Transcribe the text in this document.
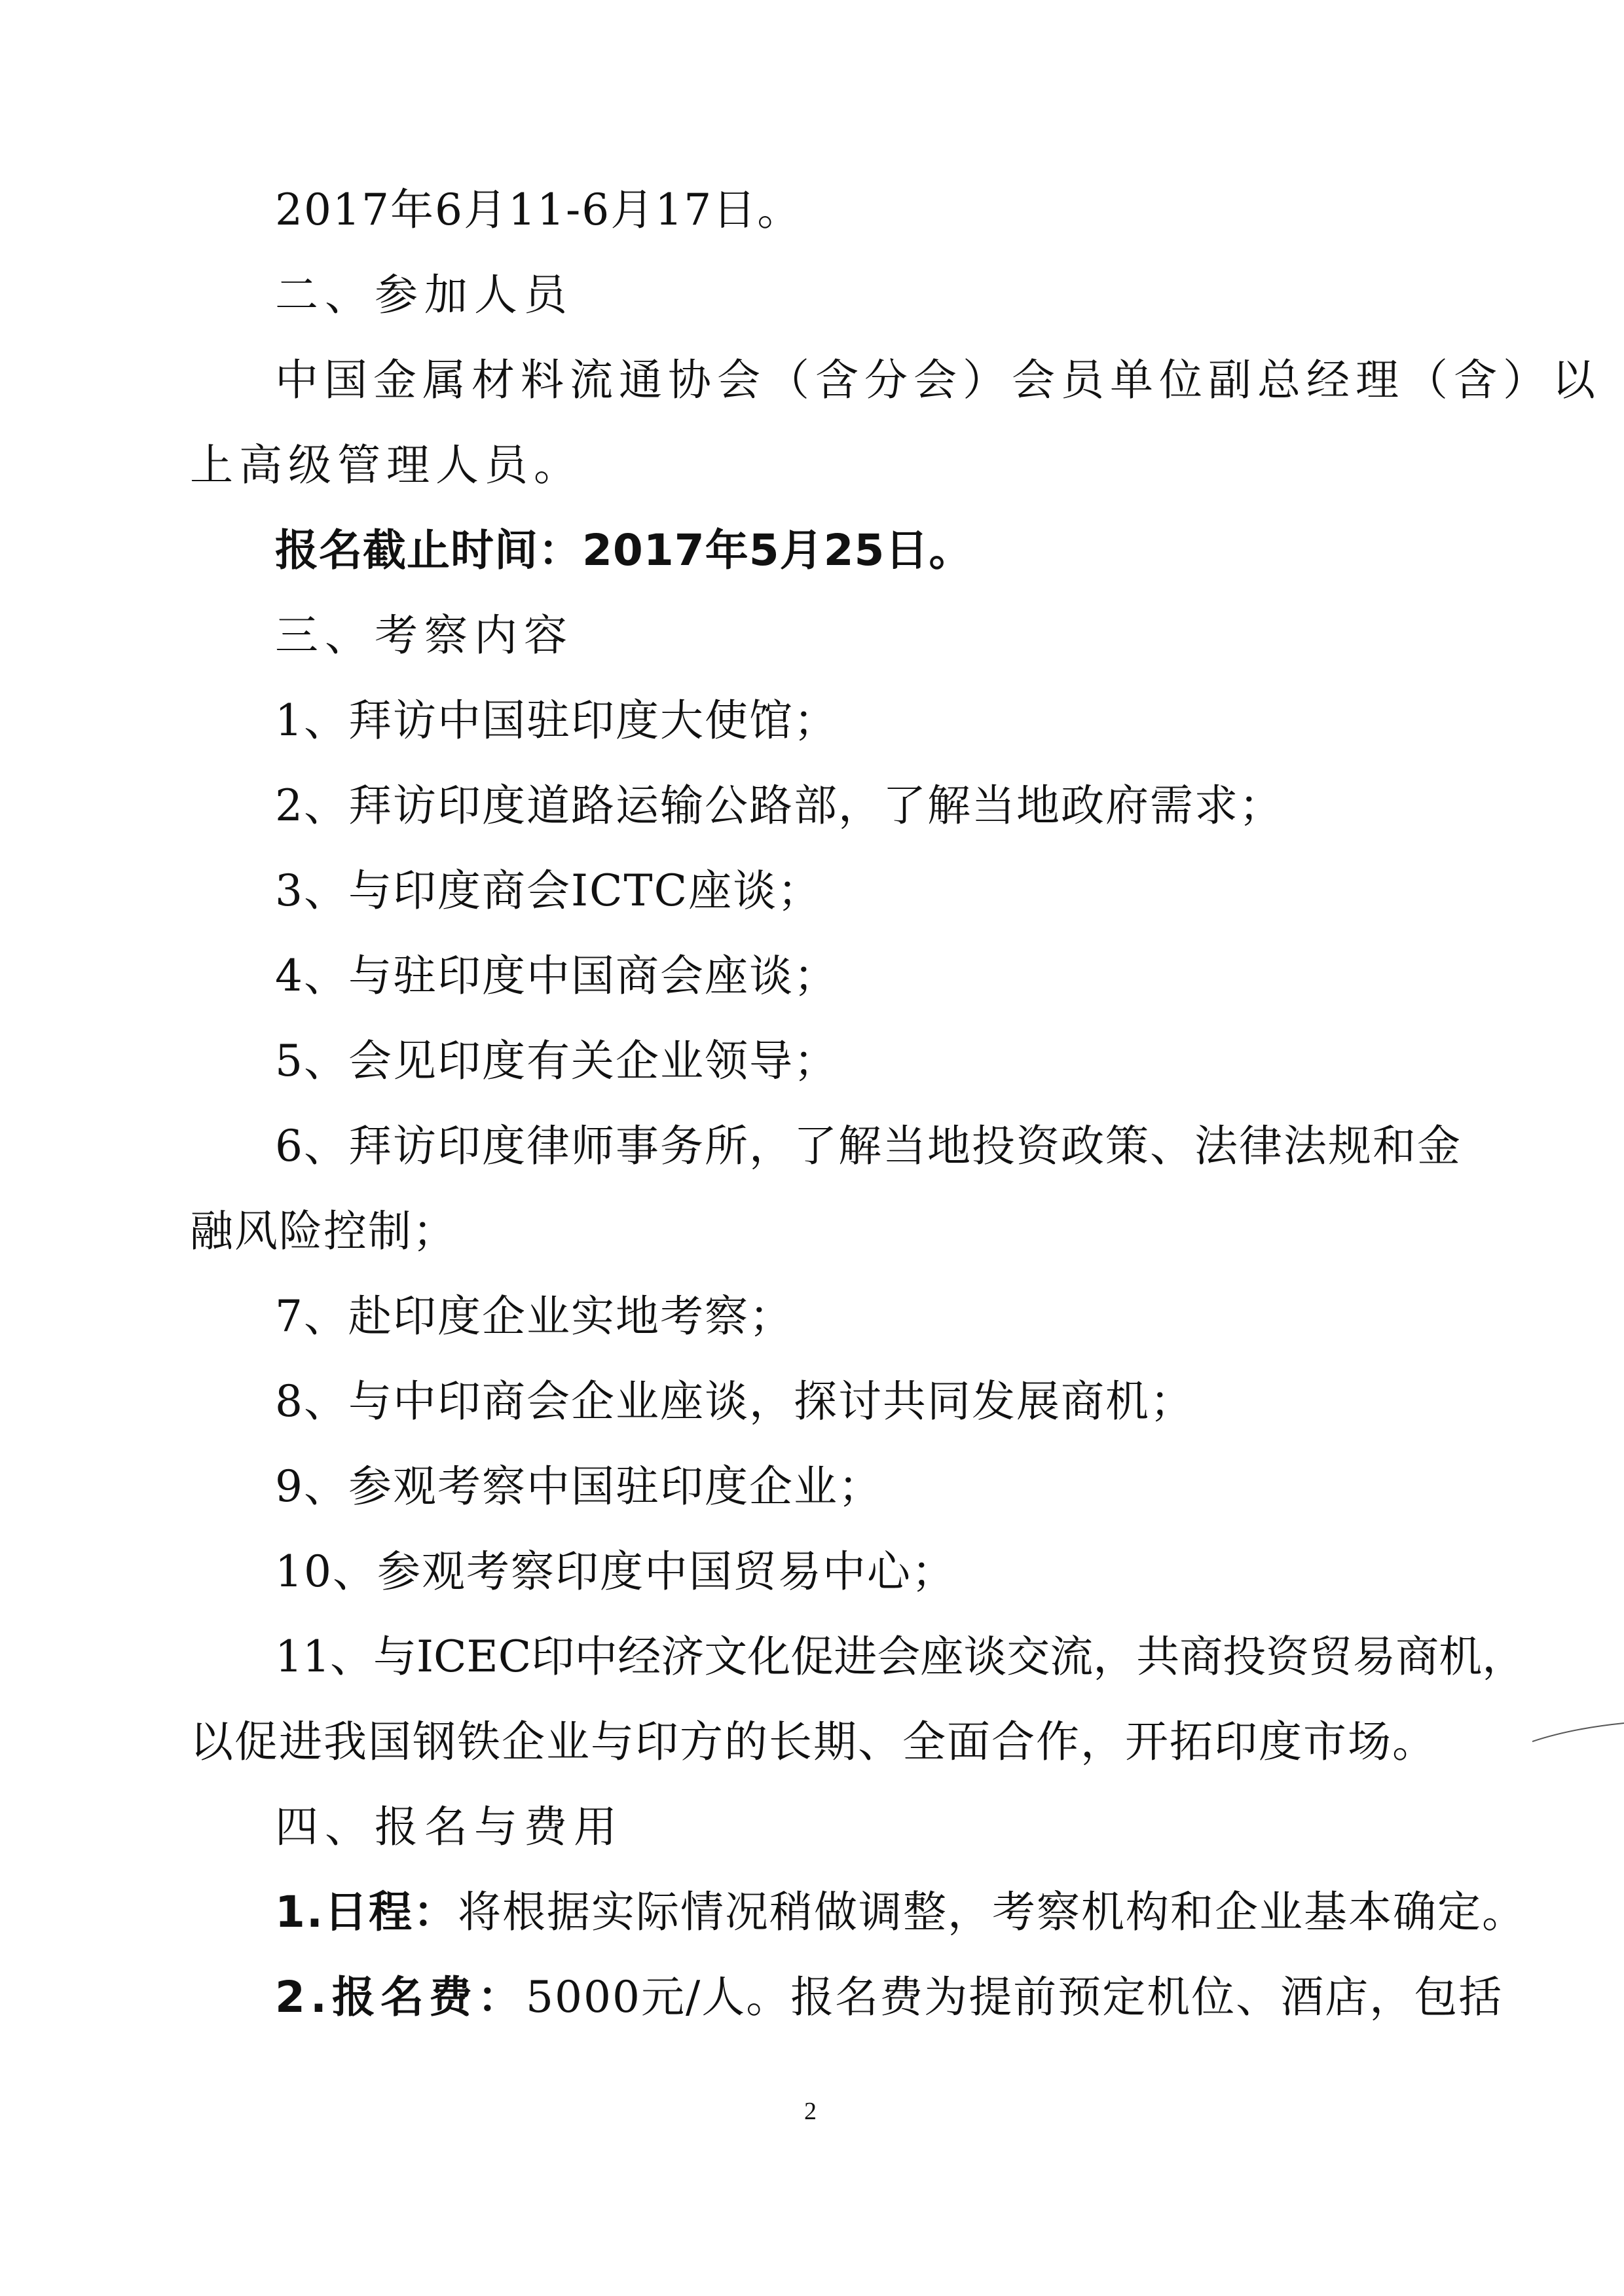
2017年6月11-6月17日。

二、参加人员

中国金属材料流通协会（含分会）会员单位副总经理（含）以

上高级管理人员。

报名截止时间：2017年5月25日。

三、考察内容

1、拜访中国驻印度大使馆；

2、拜访印度道路运输公路部，了解当地政府需求；

3、与印度商会ICTC座谈；

4、与驻印度中国商会座谈；

5、会见印度有关企业领导；

6、拜访印度律师事务所，了解当地投资政策、法律法规和金

融风险控制；

7、赴印度企业实地考察；

8、与中印商会企业座谈，探讨共同发展商机；

9、参观考察中国驻印度企业；

10、参观考察印度中国贸易中心；

11、与ICEC印中经济文化促进会座谈交流，共商投资贸易商机，

以促进我国钢铁企业与印方的长期、全面合作，开拓印度市场。

四、报名与费用

1.日程：将根据实际情况稍做调整，考察机构和企业基本确定。

2.报名费：5000元/人。报名费为提前预定机位、酒店，包括

2
